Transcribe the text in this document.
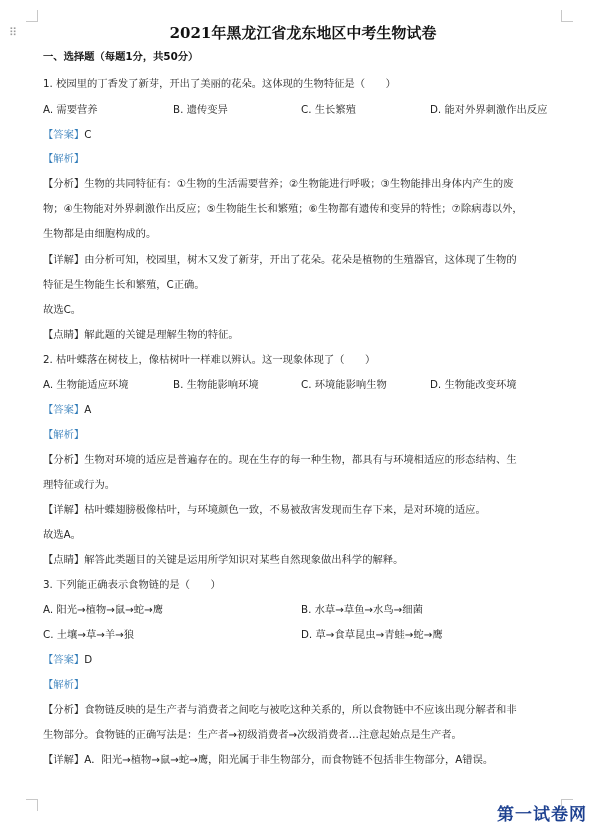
⠿	2021年黑龙江省龙东地区中考生物试卷
一、选择题（每题1分，共50分）
1. 校园里的丁香发了新芽，开出了美丽的花朵。这体现的生物特征是（　　）
A. 需要营养	B. 遗传变异	C. 生长繁殖	D. 能对外界刺激作出反应
【答案】C
【解析】
【分析】生物的共同特征有：①生物的生活需要营养；②生物能进行呼吸；③生物能排出身体内产生的废
物；④生物能对外界刺激作出反应；⑤生物能生长和繁殖；⑥生物都有遗传和变异的特性；⑦除病毒以外，
生物都是由细胞构成的。
【详解】由分析可知，校园里，树木又发了新芽，开出了花朵。花朵是植物的生殖器官，这体现了生物的
特征是生物能生长和繁殖，C正确。
故选C。
【点睛】解此题的关键是理解生物的特征。
2. 枯叶蝶落在树枝上，像枯树叶一样难以辨认。这一现象体现了（　　）
A. 生物能适应环境	B. 生物能影响环境	C. 环境能影响生物	D. 生物能改变环境
【答案】A
【解析】
【分析】生物对环境的适应是普遍存在的。现在生存的每一种生物，都具有与环境相适应的形态结构、生
理特征或行为。
【详解】枯叶蝶翅膀极像枯叶，与环境颜色一致，不易被敌害发现而生存下来，是对环境的适应。
故选A。
【点睛】解答此类题目的关键是运用所学知识对某些自然现象做出科学的解释。
3. 下列能正确表示食物链的是（　　）
A. 阳光→植物→鼠→蛇→鹰	B. 水草→草鱼→水鸟→细菌
C. 土壤→草→羊→狼	D. 草→食草昆虫→青蛙→蛇→鹰
【答案】D
【解析】
【分析】食物链反映的是生产者与消费者之间吃与被吃这种关系的，所以食物链中不应该出现分解者和非
生物部分。食物链的正确写法是：生产者→初级消费者→次级消费者…注意起始点是生产者。
【详解】A．阳光→植物→鼠→蛇→鹰，阳光属于非生物部分，而食物链不包括非生物部分，A错误。
第一试卷网
